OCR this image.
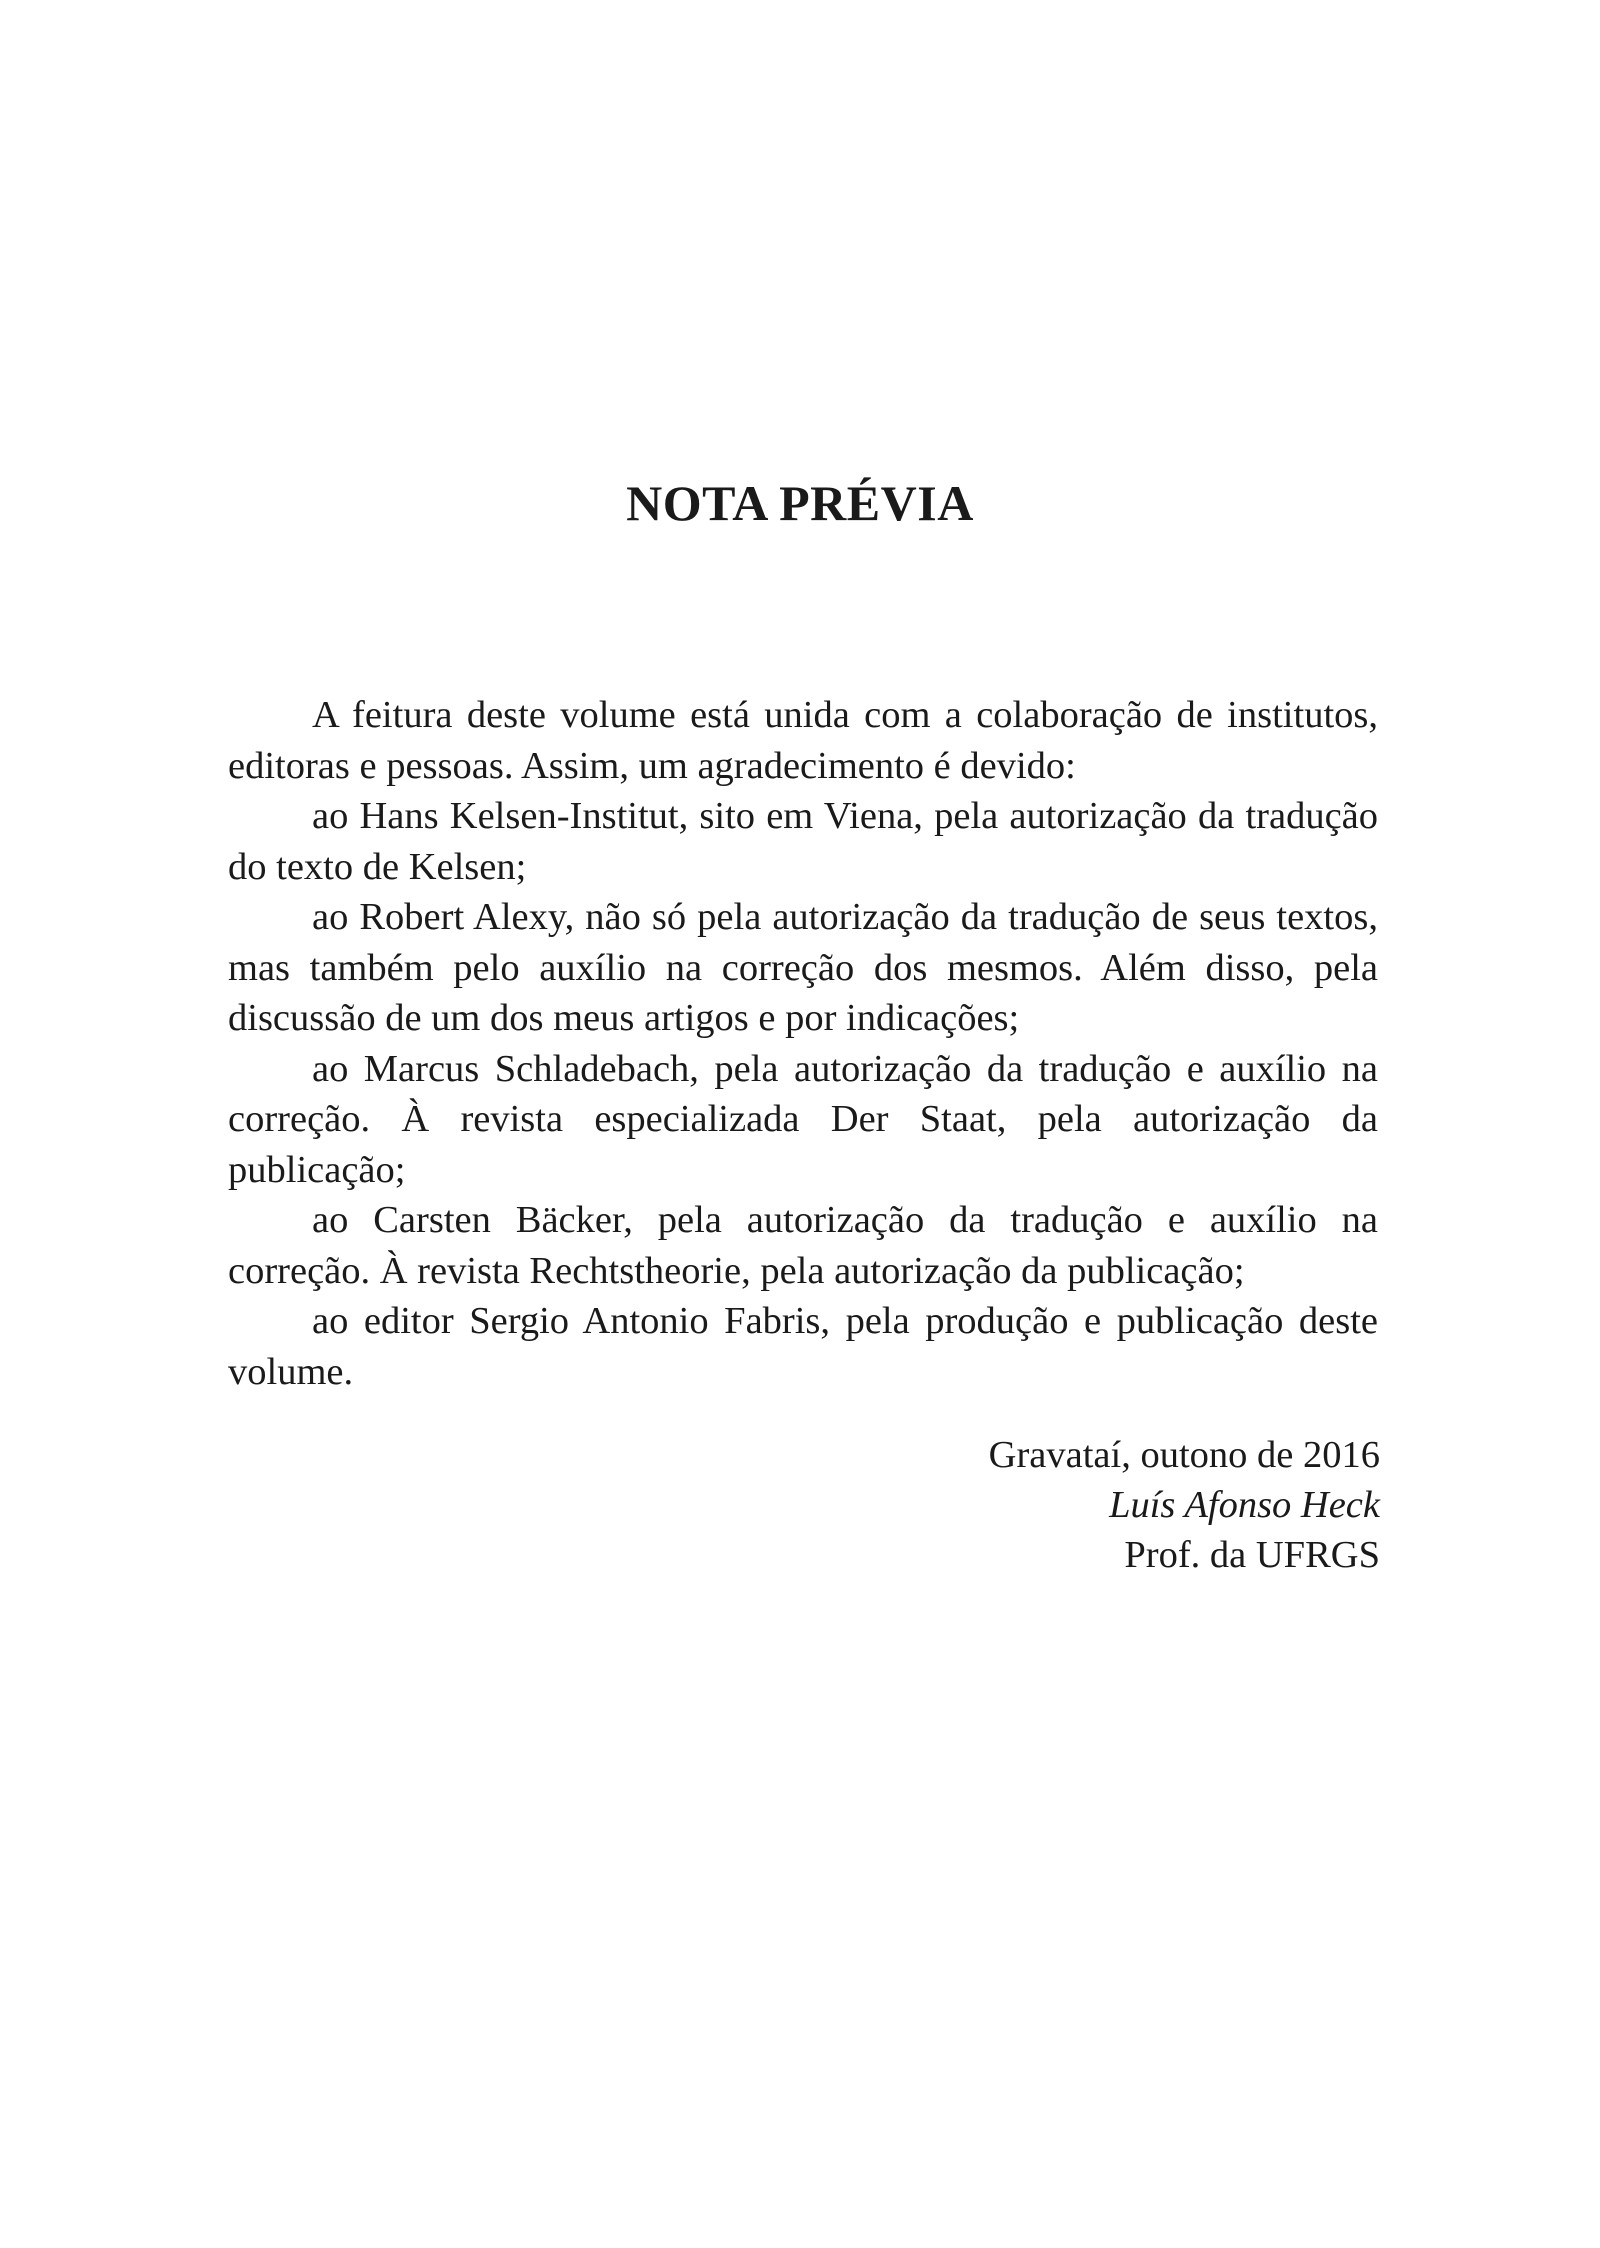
NOTA PRÉVIA

A feitura deste volume está unida com a colaboração de institutos, editoras e pessoas. Assim, um agradecimento é devido:

ao Hans Kelsen-Institut, sito em Viena, pela autorização da tradução do texto de Kelsen;

ao Robert Alexy, não só pela autorização da tradução de seus textos, mas também pelo auxílio na correção dos mesmos. Além disso, pela discussão de um dos meus artigos e por indicações;

ao Marcus Schladebach, pela autorização da tradução e auxílio na correção. À revista especializada Der Staat, pela autorização da publicação;

ao Carsten Bäcker, pela autorização da tradução e auxílio na correção. À revista Rechtstheorie, pela autorização da publicação;

ao editor Sergio Antonio Fabris, pela produção e publicação deste volume.

Gravataí, outono de 2016
Luís Afonso Heck
Prof. da UFRGS
